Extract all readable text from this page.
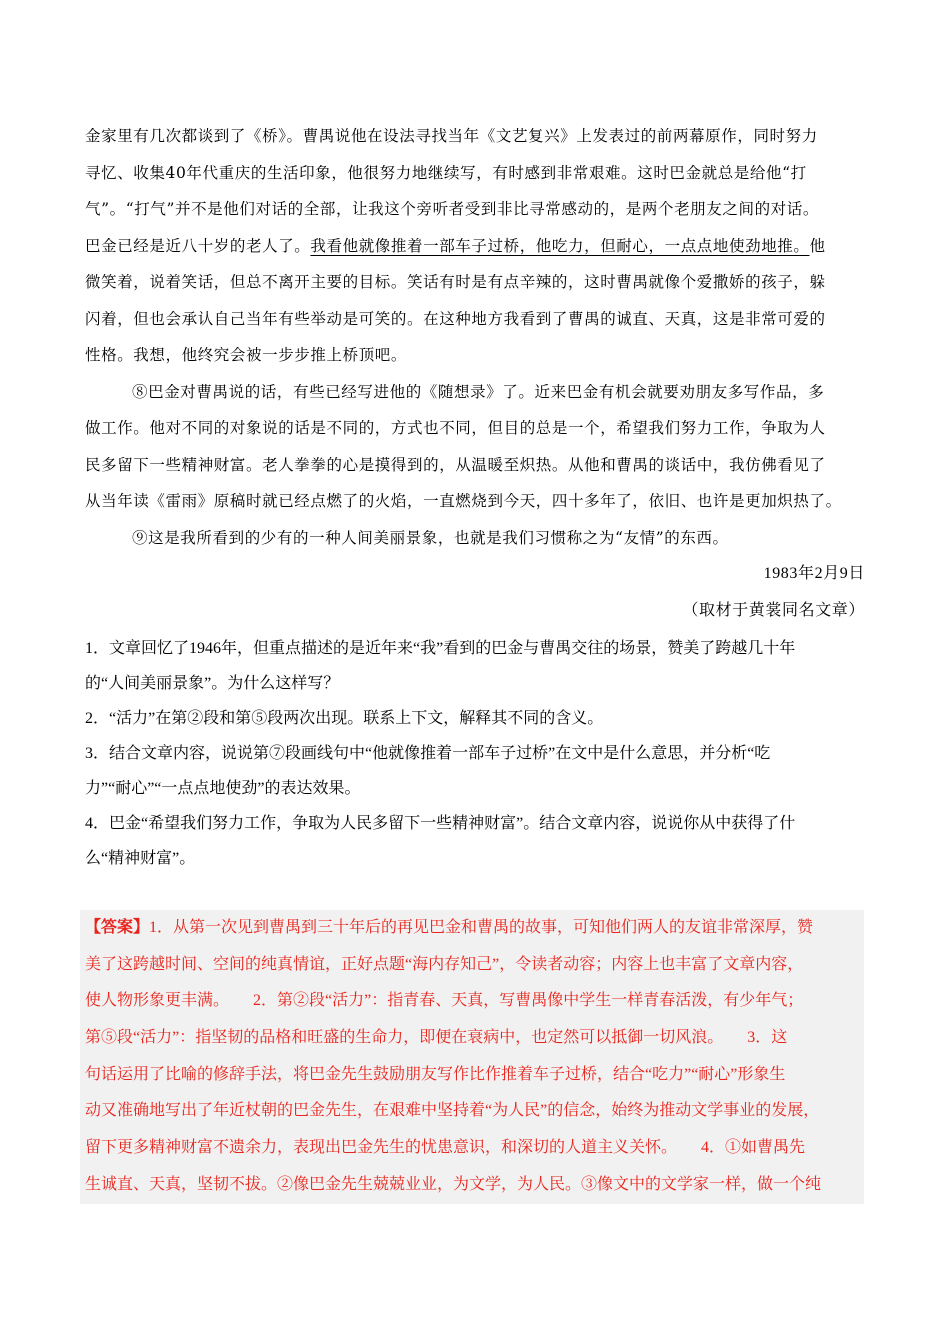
金家里有几次都谈到了《桥》。曹禺说他在设法寻找当年《文艺复兴》上发表过的前两幕原作，同时努力
寻忆、收集40年代重庆的生活印象，他很努力地继续写，有时感到非常艰难。这时巴金就总是给他“打
气”。“打气”并不是他们对话的全部，让我这个旁听者受到非比寻常感动的，是两个老朋友之间的对话。
巴金已经是近八十岁的老人了。我看他就像推着一部车子过桥，他吃力，但耐心，一点点地使劲地推。他
微笑着，说着笑话，但总不离开主要的目标。笑话有时是有点辛辣的，这时曹禺就像个爱撒娇的孩子，躲
闪着，但也会承认自己当年有些举动是可笑的。在这种地方我看到了曹禺的诚直、天真，这是非常可爱的
性格。我想，他终究会被一步步推上桥顶吧。
⑧巴金对曹禺说的话，有些已经写进他的《随想录》了。近来巴金有机会就要劝朋友多写作品，多
做工作。他对不同的对象说的话是不同的，方式也不同，但目的总是一个，希望我们努力工作，争取为人
民多留下一些精神财富。老人拳拳的心是摸得到的，从温暖至炽热。从他和曹禺的谈话中，我仿佛看见了
从当年读《雷雨》原稿时就已经点燃了的火焰，一直燃烧到今天，四十多年了，依旧、也许是更加炽热了。
⑨这是我所看到的少有的一种人间美丽景象，也就是我们习惯称之为“友情”的东西。
1983年2月9日
（取材于黄裳同名文章）
1．文章回忆了1946年，但重点描述的是近年来“我”看到的巴金与曹禺交往的场景，赞美了跨越几十年
的“人间美丽景象”。为什么这样写？
2．“活力”在第②段和第⑤段两次出现。联系上下文，解释其不同的含义。
3．结合文章内容，说说第⑦段画线句中“他就像推着一部车子过桥”在文中是什么意思，并分析“吃
力”“耐心”“一点点地使劲”的表达效果。
4．巴金“希望我们努力工作，争取为人民多留下一些精神财富”。结合文章内容，说说你从中获得了什
么“精神财富”。
【答案】1．从第一次见到曹禺到三十年后的再见巴金和曹禺的故事，可知他们两人的友谊非常深厚，赞
美了这跨越时间、空间的纯真情谊，正好点题“海内存知己”，令读者动容；内容上也丰富了文章内容，
使人物形象更丰满。　　2．第②段“活力”：指青春、天真，写曹禺像中学生一样青春活泼，有少年气；
第⑤段“活力”：指坚韧的品格和旺盛的生命力，即便在衰病中，也定然可以抵御一切风浪。　　3．这
句话运用了比喻的修辞手法，将巴金先生鼓励朋友写作比作推着车子过桥，结合“吃力”“耐心”形象生
动又准确地写出了年近杖朝的巴金先生，在艰难中坚持着“为人民”的信念，始终为推动文学事业的发展，
留下更多精神财富不遗余力，表现出巴金先生的忧患意识，和深切的人道主义关怀。　　4．①如曹禺先
生诚直、天真，坚韧不拔。②像巴金先生兢兢业业，为文学，为人民。③像文中的文学家一样，做一个纯
